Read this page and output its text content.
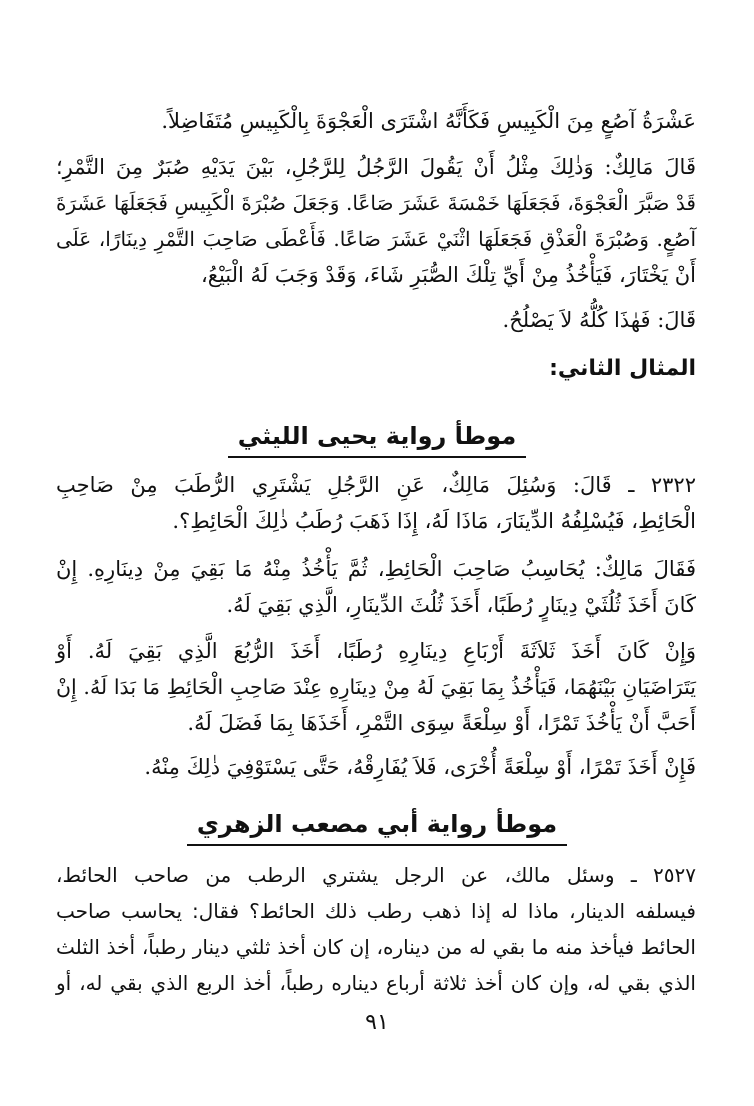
عَشْرَةُ آصُعٍ مِنَ الْكَبِيسِ فَكَأَنَّهُ اشْتَرَى الْعَجْوَةَ بِالْكَبِيسِ مُتَفَاضِلاً.
قَالَ مَالِكٌ: وَذٰلِكَ مِثْلُ أَنْ يَقُولَ الرَّجُلُ لِلرَّجُلِ، بَيْنَ يَدَيْهِ صُبَرٌ مِنَ التَّمْرِ؛
قَدْ صَبَّرَ الْعَجْوَةَ، فَجَعَلَهَا خَمْسَةَ عَشَرَ صَاعًا. وَجَعَلَ صُبْرَةَ الْكَبِيسِ فَجَعَلَهَا عَشَرَةَ
آصُعٍ. وَصُبْرَةَ الْعَذْقِ فَجَعَلَهَا اثْنَيْ عَشَرَ صَاعًا. فَأَعْطَى صَاحِبَ التَّمْرِ دِينَارًا، عَلَى
أَنْ يَخْتَارَ، فَيَأْخُذُ مِنْ أَيِّ تِلْكَ الصُّبَرِ شَاءَ، وَقَدْ وَجَبَ لَهُ الْبَيْعُ،
قَالَ: فَهٰذَا كُلُّهُ لاَ يَصْلُحُ.
المثال الثاني:
موطأ رواية يحيى الليثي
٢٣٢٢ ـ قَالَ: وَسُئِلَ مَالِكٌ، عَنِ الرَّجُلِ يَشْتَرِي الرُّطَبَ مِنْ صَاحِبِ
الْحَائِطِ، فَيُسْلِفُهُ الدِّينَارَ، مَاذَا لَهُ، إِذَا ذَهَبَ رُطَبُ ذٰلِكَ الْحَائِطِ؟.
فَقَالَ مَالِكٌ: يُحَاسِبُ صَاحِبَ الْحَائِطِ، ثُمَّ يَأْخُذُ مِنْهُ مَا بَقِيَ مِنْ دِينَارِهِ. إِنْ
كَانَ أَخَذَ ثُلُثَيْ دِينَارٍ رُطَبًا، أَخَذَ ثُلُثَ الدِّينَارِ، الَّذِي بَقِيَ لَهُ.
وَإِنْ كَانَ أَخَذَ ثَلاَثَةَ أَرْبَاعِ دِينَارِهِ رُطَبًا، أَخَذَ الرُّبُعَ الَّذِي بَقِيَ لَهُ. أَوْ
يَتَرَاضَيَانِ بَيْنَهُمَا، فَيَأْخُذُ بِمَا بَقِيَ لَهُ مِنْ دِينَارِهِ عِنْدَ صَاحِبِ الْحَائِطِ مَا بَدَا لَهُ. إِنْ
أَحَبَّ أَنْ يَأْخُذَ تَمْرًا، أَوْ سِلْعَةً سِوَى التَّمْرِ، أَخَذَهَا بِمَا فَضَلَ لَهُ.
فَإِنْ أَخَذَ تَمْرًا، أَوْ سِلْعَةً أُخْرَى، فَلاَ يُفَارِقْهُ، حَتَّى يَسْتَوْفِيَ ذٰلِكَ مِنْهُ.
موطأ رواية أبي مصعب الزهري
٢٥٢٧ ـ وسئل مالك، عن الرجل يشتري الرطب من صاحب الحائط،
فيسلفه الدينار، ماذا له إذا ذهب رطب ذلك الحائط؟ فقال: يحاسب صاحب
الحائط فيأخذ منه ما بقي له من ديناره، إن كان أخذ ثلثي دينار رطباً، أخذ الثلث
الذي بقي له، وإن كان أخذ ثلاثة أرباع ديناره رطباً، أخذ الربع الذي بقي له، أو
٩١
